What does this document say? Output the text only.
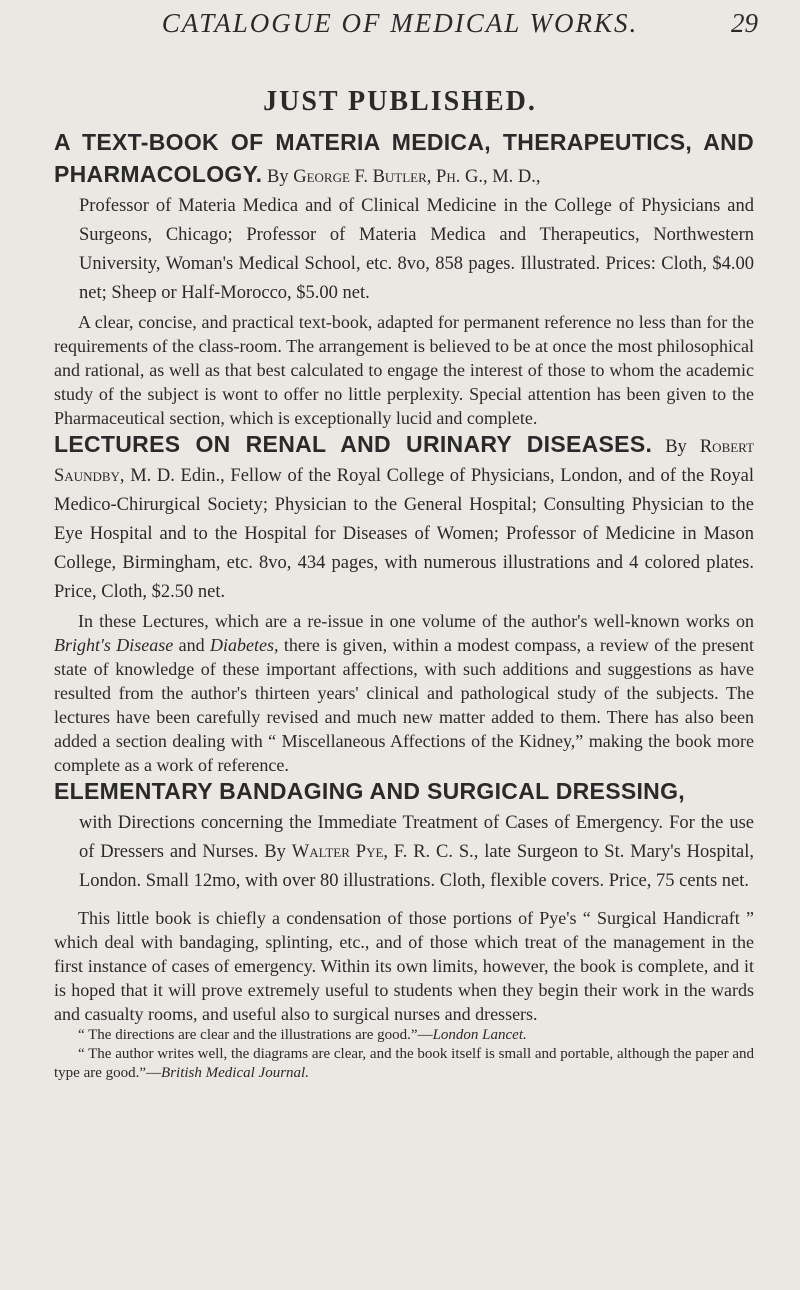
CATALOGUE OF MEDICAL WORKS.	29
JUST PUBLISHED.

A TEXT-BOOK OF MATERIA MEDICA, THERAPEUTICS, AND PHARMACOLOGY. By George F. Butler, Ph. G., M. D.,

Professor of Materia Medica and of Clinical Medicine in the College of Physicians and Surgeons, Chicago; Professor of Materia Medica and Therapeutics, Northwestern University, Woman's Medical School, etc. 8vo, 858 pages. Illustrated. Prices: Cloth, $4.00 net; Sheep or Half-Morocco, $5.00 net.

A clear, concise, and practical text-book, adapted for permanent reference no less than for the requirements of the class-room. The arrangement is believed to be at once the most philosophical and rational, as well as that best calculated to engage the interest of those to whom the academic study of the subject is wont to offer no little perplexity. Special attention has been given to the Pharmaceutical section, which is exceptionally lucid and complete.

LECTURES ON RENAL AND URINARY DISEASES. By Robert Saundby, M. D. Edin., Fellow of the Royal College of Physicians, London, and of the Royal Medico-Chirurgical Society; Physician to the General Hospital; Consulting Physician to the Eye Hospital and to the Hospital for Diseases of Women; Professor of Medicine in Mason College, Birmingham, etc. 8vo, 434 pages, with numerous illustrations and 4 colored plates. Price, Cloth, $2.50 net.

In these Lectures, which are a re-issue in one volume of the author's well-known works on Bright's Disease and Diabetes, there is given, within a modest compass, a review of the present state of knowledge of these important affections, with such additions and suggestions as have resulted from the author's thirteen years' clinical and pathological study of the subjects. The lectures have been carefully revised and much new matter added to them. There has also been added a section dealing with “ Miscellaneous Affections of the Kidney,” making the book more complete as a work of reference.

ELEMENTARY BANDAGING AND SURGICAL DRESSING,

with Directions concerning the Immediate Treatment of Cases of Emergency. For the use of Dressers and Nurses. By Walter Pye, F. R. C. S., late Surgeon to St. Mary's Hospital, London. Small 12mo, with over 80 illustrations. Cloth, flexible covers. Price, 75 cents net.

This little book is chiefly a condensation of those portions of Pye's “ Surgical Handicraft ” which deal with bandaging, splinting, etc., and of those which treat of the management in the first instance of cases of emergency. Within its own limits, however, the book is complete, and it is hoped that it will prove extremely useful to students when they begin their work in the wards and casualty rooms, and useful also to surgical nurses and dressers.

“ The directions are clear and the illustrations are good.”—London Lancet.

“ The author writes well, the diagrams are clear, and the book itself is small and portable, although the paper and type are good.”—British Medical Journal.
